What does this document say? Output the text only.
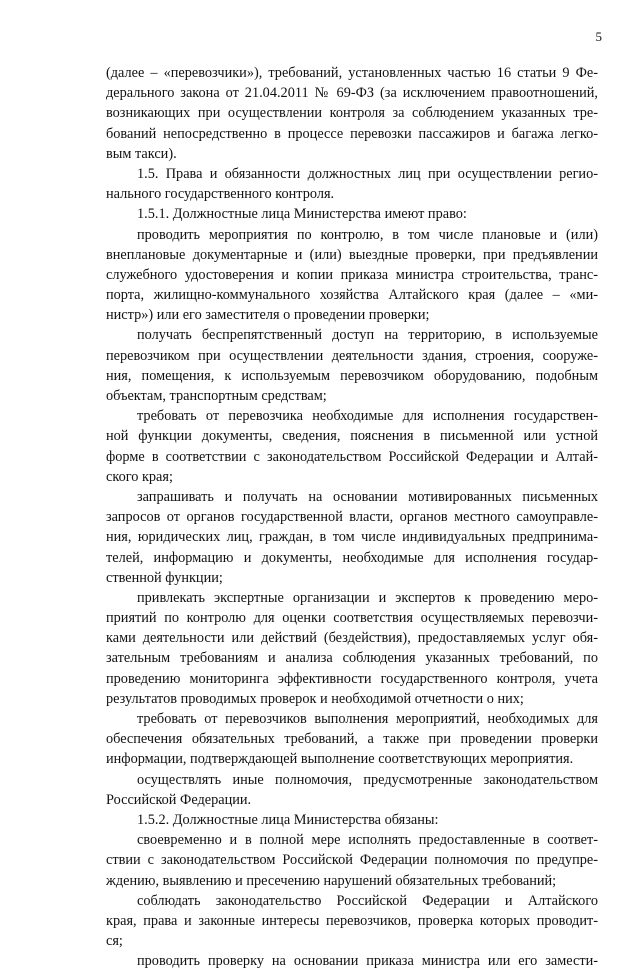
5
(далее – «перевозчики»), требований, установленных частью 16 статьи 9 Фе-
дерального закона от 21.04.2011 № 69-ФЗ (за исключением правоотношений,
возникающих при осуществлении контроля за соблюдением указанных тре-
бований непосредственно в процессе перевозки пассажиров и багажа легко-
вым такси).
1.5. Права и обязанности должностных лиц при осуществлении регио-
нального государственного контроля.
1.5.1. Должностные лица Министерства имеют право:
проводить мероприятия по контролю, в том числе плановые и (или)
внеплановые документарные и (или) выездные проверки, при предъявлении
служебного удостоверения и копии приказа министра строительства, транс-
порта, жилищно-коммунального хозяйства Алтайского края (далее – «ми-
нистр») или его заместителя о проведении проверки;
получать беспрепятственный доступ на территорию, в используемые
перевозчиком при осуществлении деятельности здания, строения, сооруже-
ния, помещения, к используемым перевозчиком оборудованию, подобным
объектам, транспортным средствам;
требовать от перевозчика необходимые для исполнения государствен-
ной функции документы, сведения, пояснения в письменной или устной
форме в соответствии с законодательством Российской Федерации и Алтай-
ского края;
запрашивать и получать на основании мотивированных письменных
запросов от органов государственной власти, органов местного самоуправле-
ния, юридических лиц, граждан, в том числе индивидуальных предпринима-
телей, информацию и документы, необходимые для исполнения государ-
ственной функции;
привлекать экспертные организации и экспертов к проведению меро-
приятий по контролю для оценки соответствия осуществляемых перевозчи-
ками деятельности или действий (бездействия), предоставляемых услуг обя-
зательным требованиям и анализа соблюдения указанных требований, по
проведению мониторинга эффективности государственного контроля, учета
результатов проводимых проверок и необходимой отчетности о них;
требовать от перевозчиков выполнения мероприятий, необходимых для
обеспечения обязательных требований, а также при проведении проверки
информации, подтверждающей выполнение соответствующих мероприятия.
осуществлять иные полномочия, предусмотренные законодательством
Российской Федерации.
1.5.2. Должностные лица Министерства обязаны:
своевременно и в полной мере исполнять предоставленные в соответ-
ствии с законодательством Российской Федерации полномочия по предупре-
ждению, выявлению и пресечению нарушений обязательных требований;
соблюдать законодательство Российской Федерации и Алтайского
края, права и законные интересы перевозчиков, проверка которых проводит-
ся;
проводить проверку на основании приказа министра или его замести-
